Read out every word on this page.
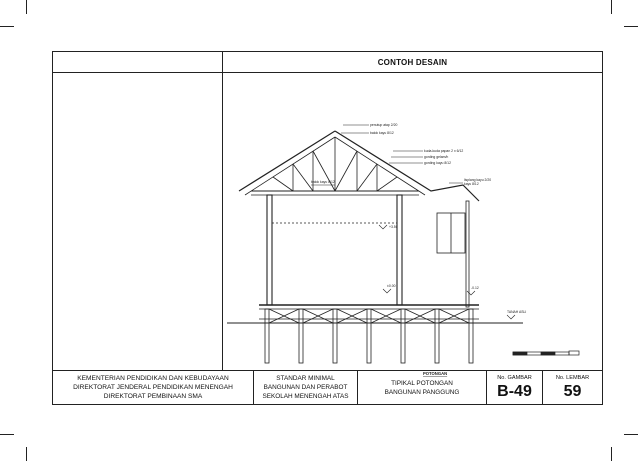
CONTOH DESAIN
penutup atap 2/20
balok kayu 8/12
kuda-kuda papan 2 x 6/12
gording gelam/h
gording kayu 8/12
balok kayu 8/12	lisplang kayu 2/20
kayu 8/12
+3.50
±0.00	-0.12
TANAH ASLI
POTONGAN
KEMENTERIAN PENDIDIKAN DAN KEBUDAYAAN
DIREKTORAT JENDERAL PENDIDIKAN MENENGAH
DIREKTORAT PEMBINAAN SMA
STANDAR MINIMAL
BANGUNAN DAN PERABOT
SEKOLAH MENENGAH ATAS
TIPIKAL POTONGAN
BANGUNAN PANGGUNG
No. GAMBAR
B-49
No. LEMBAR
59
